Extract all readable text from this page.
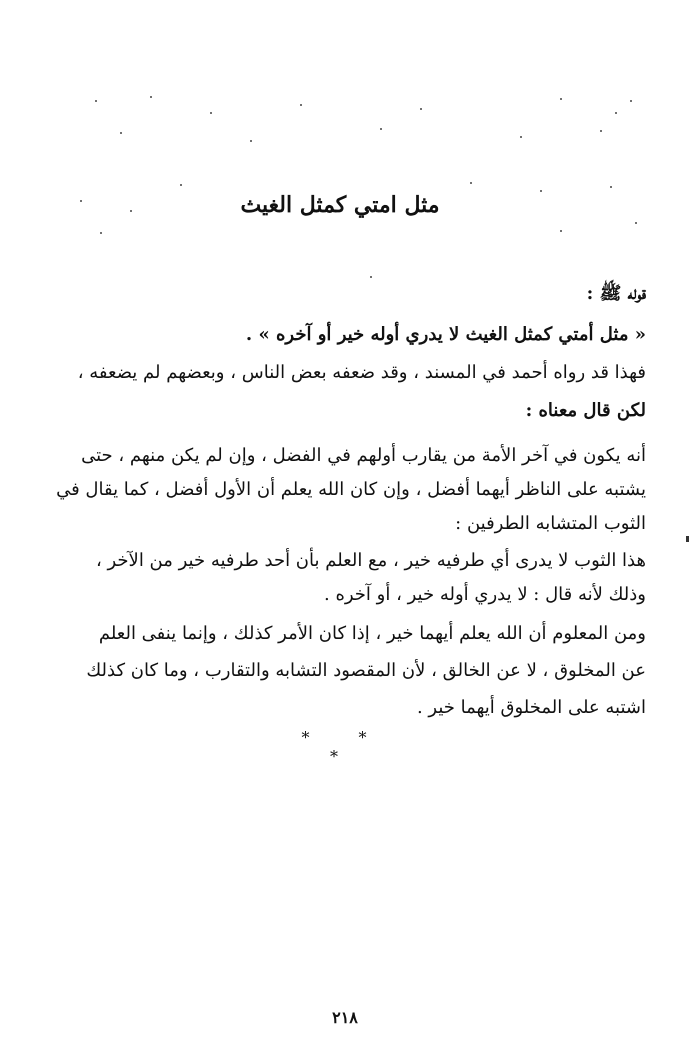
مثل امتي كمثل الغيث
قوله ﷺ :
« مثل أمتي كمثل الغيث لا يدري أوله خير أو آخره » .
فهذا قد رواه أحمد في المسند ، وقد ضعفه بعض الناس ، وبعضهم لم يضعفه ،
لكن قال معناه :
أنه يكون في آخر الأمة من يقارب أولهم في الفضل ، وإن لم يكن منهم ، حتى
يشتبه على الناظر أيهما أفضل ، وإن كان الله يعلم أن الأول أفضل ، كما يقال في
الثوب المتشابه الطرفين :
هذا الثوب لا يدرى أي طرفيه خير ، مع العلم بأن أحد طرفيه خير من الآخر ،
وذلك لأنه قال : لا يدري أوله خير ، أو آخره .
ومن المعلوم أن الله يعلم أيهما خير ، إذا كان الأمر كذلك ، وإنما ينفى العلم
عن المخلوق ، لا عن الخالق ، لأن المقصود التشابه والتقارب ، وما كان كذلك
اشتبه على المخلوق أيهما خير .
* * *
٢١٨
